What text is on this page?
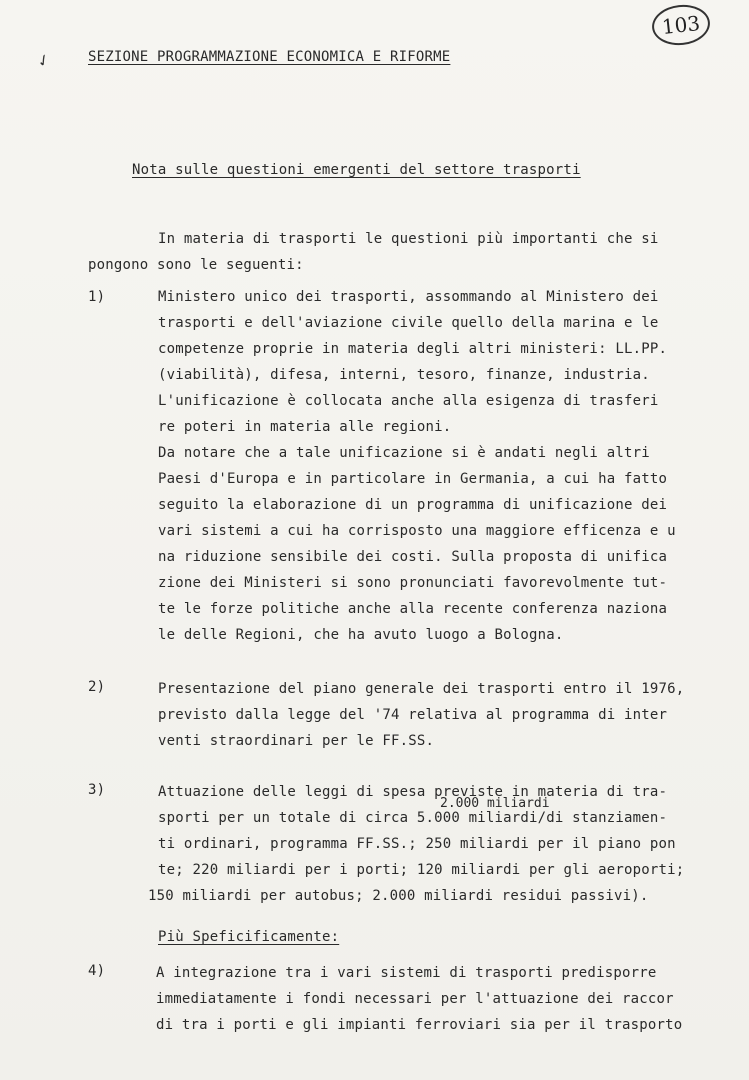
103
✓ SEZIONE PROGRAMMAZIONE ECONOMICA E RIFORME
Nota sulle questioni emergenti del settore trasporti
In materia di trasporti le questioni più importanti che si
pongono sono le seguenti:
1)	Ministero unico dei trasporti, assommando al Ministero dei
trasporti e dell'aviazione civile quello della marina e le
competenze proprie in materia degli altri ministeri: LL.PP.
(viabilità), difesa, interni, tesoro, finanze, industria.
L'unificazione è collocata anche alla esigenza di trasferi
re poteri in materia alle regioni.
Da notare che a tale unificazione si è andati negli altri
Paesi d'Europa e in particolare in Germania, a cui ha fatto
seguito la elaborazione di un programma di unificazione dei
vari sistemi a cui ha corrisposto una maggiore efficenza e u
na riduzione sensibile dei costi. Sulla proposta di unifica
zione dei Ministeri si sono pronunciati favorevolmente tut-
te le forze politiche anche alla recente conferenza naziona
le delle Regioni, che ha avuto luogo a Bologna.
2)	Presentazione del piano generale dei trasporti entro il 1976,
previsto dalla legge del '74 relativa al programma di inter
venti straordinari per le FF.SS.
3)
2.000 miliardi
Attuazione delle leggi di spesa previste in materia di tra-
sporti per un totale di circa 5.000 miliardi/di stanziamen-
ti ordinari, programma FF.SS.; 250 miliardi per il piano pon
te; 220 miliardi per i porti; 120 miliardi per gli aeroporti;
150 miliardi per autobus; 2.000 miliardi residui passivi).
Più Speficificamente:
4)	A integrazione tra i vari sistemi di trasporti predisporre
immediatamente i fondi necessari per l'attuazione dei raccor
di tra i porti e gli impianti ferroviari sia per il trasporto
